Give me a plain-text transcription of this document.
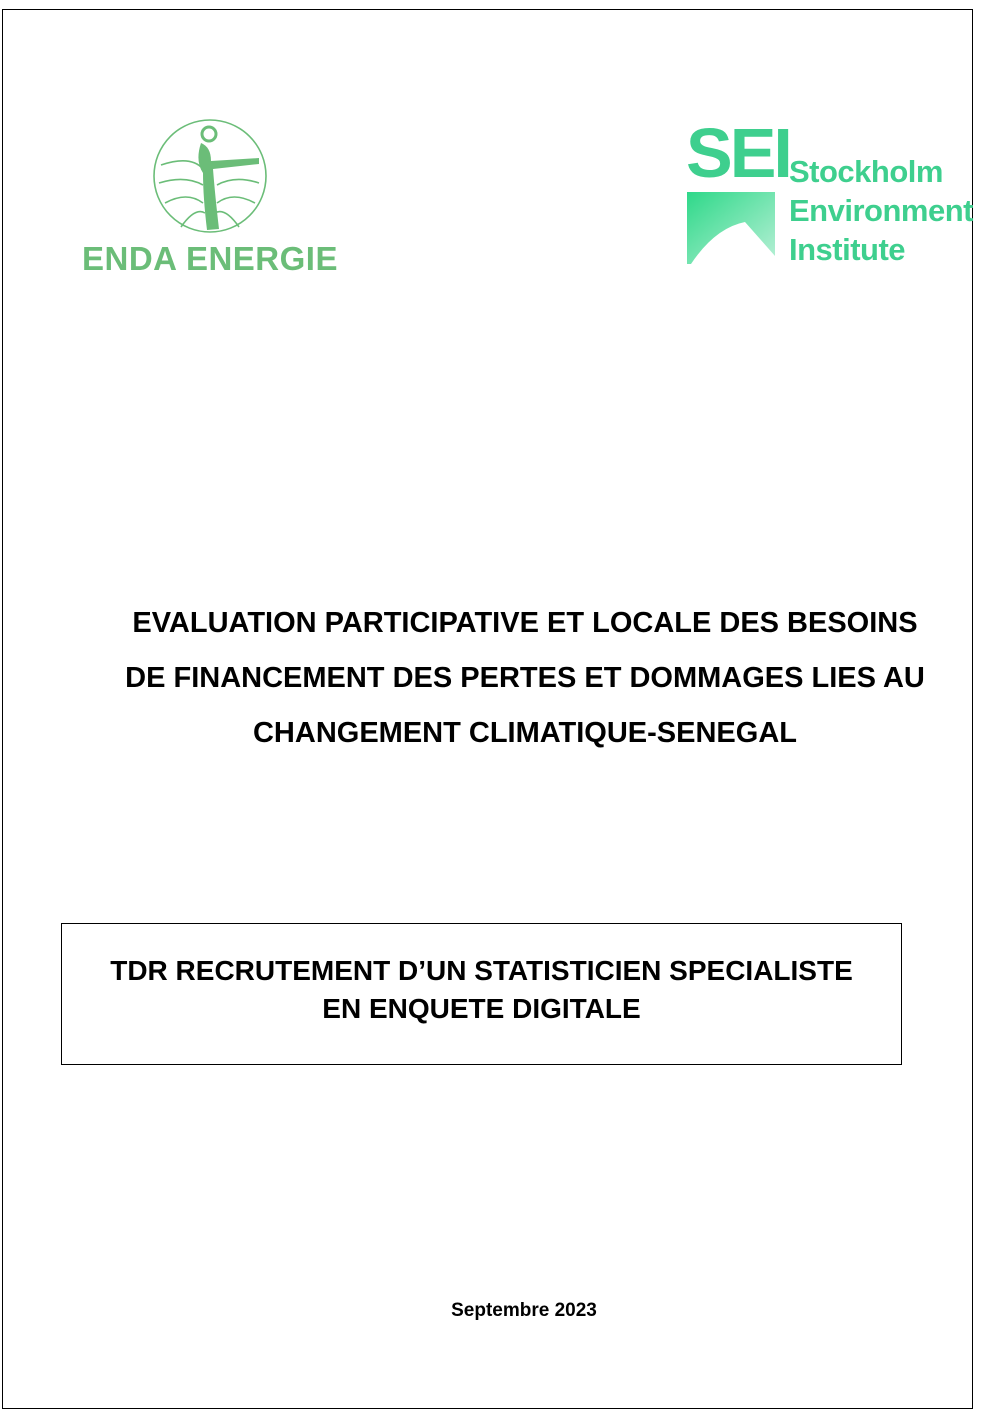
ENDA ENERGIE
SEI Stockholm
Environment
Institute
EVALUATION PARTICIPATIVE ET LOCALE DES BESOINS
DE FINANCEMENT DES PERTES ET DOMMAGES LIES AU
CHANGEMENT CLIMATIQUE-SENEGAL
TDR RECRUTEMENT D’UN STATISTICIEN SPECIALISTE
EN ENQUETE DIGITALE
Septembre 2023
